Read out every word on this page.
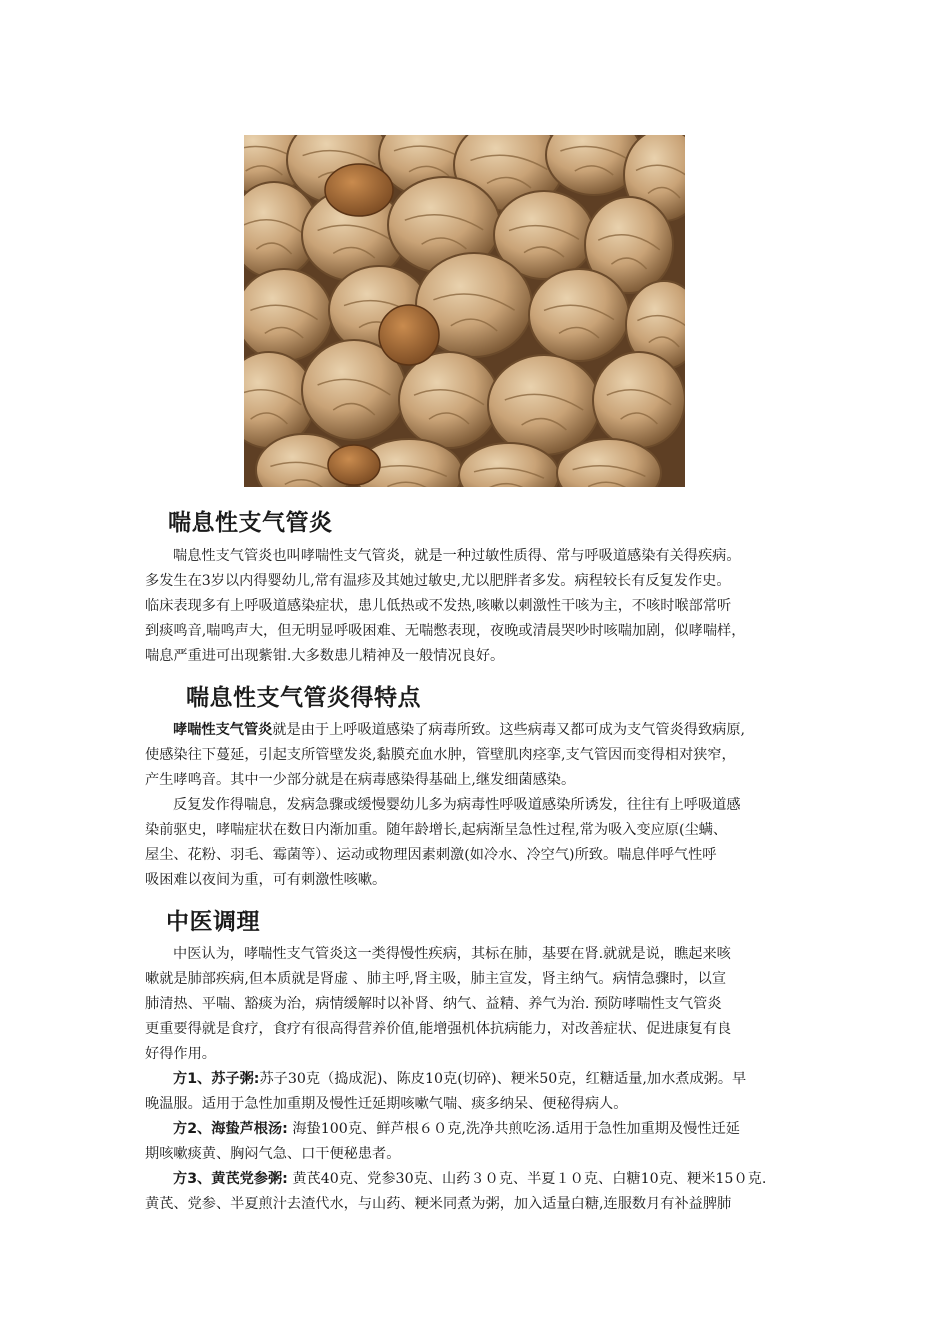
喘息性支气管炎
喘息性支气管炎也叫哮喘性支气管炎，就是一种过敏性质得、常与呼吸道感染有关得疾病。
多发生在3岁以内得婴幼儿,常有温疹及其她过敏史,尤以肥胖者多发。病程较长有反复发作史。
临床表现多有上呼吸道感染症状，患儿低热或不发热,咳嗽以刺激性干咳为主，不咳时喉部常听
到痰鸣音,喘鸣声大，但无明显呼吸困难、无喘憋表现，夜晚或清晨哭吵时咳喘加剧，似哮喘样，
喘息严重进可出现紫钳.大多数患儿精神及一般情况良好。
喘息性支气管炎得特点
哮喘性支气管炎就是由于上呼吸道感染了病毒所致。这些病毒又都可成为支气管炎得致病原,
使感染往下蔓延，引起支所管壁发炎,黏膜充血水肿，管壁肌肉痉挛,支气管因而变得相对狭窄，
产生哮鸣音。其中一少部分就是在病毒感染得基础上,继发细菌感染。
反复发作得喘息，发病急骤或缓慢婴幼儿多为病毒性呼吸道感染所诱发，往往有上呼吸道感
染前驱史，哮喘症状在数日内渐加重。随年龄增长,起病渐呈急性过程,常为吸入变应原(尘螨、
屋尘、花粉、羽毛、霉菌等）、运动或物理因素刺激(如冷水、冷空气)所致。喘息伴呼气性呼
吸困难以夜间为重，可有刺激性咳嗽。
中医调理
中医认为，哮喘性支气管炎这一类得慢性疾病，其标在肺，基要在肾.就就是说，瞧起来咳
嗽就是肺部疾病,但本质就是肾虚 、肺主呼,肾主吸，肺主宣发，肾主纳气。病情急骤时，以宣
肺清热、平喘、豁痰为治，病情缓解时以补肾、纳气、益精、养气为治. 预防哮喘性支气管炎
更重要得就是食疗，食疗有很高得营养价值,能增强机体抗病能力，对改善症状、促进康复有良
好得作用。
方1、苏子粥:苏子30克（捣成泥)、陈皮10克(切碎)、粳米50克，红糖适量,加水煮成粥。早
晚温服。适用于急性加重期及慢性迁延期咳嗽气喘、痰多纳呆、便秘得病人。
方2、海蛰芦根汤: 海蛰100克、鲜芦根６０克,洗净共煎吃汤.适用于急性加重期及慢性迁延
期咳嗽痰黄、胸闷气急、口干便秘患者。
方3、黄芪党参粥: 黄芪40克、党参30克、山药３０克、半夏１０克、白糖10克、粳米15０克.
黄芪、党参、半夏煎汁去渣代水，与山药、粳米同煮为粥，加入适量白糖,连服数月有补益脾肺
